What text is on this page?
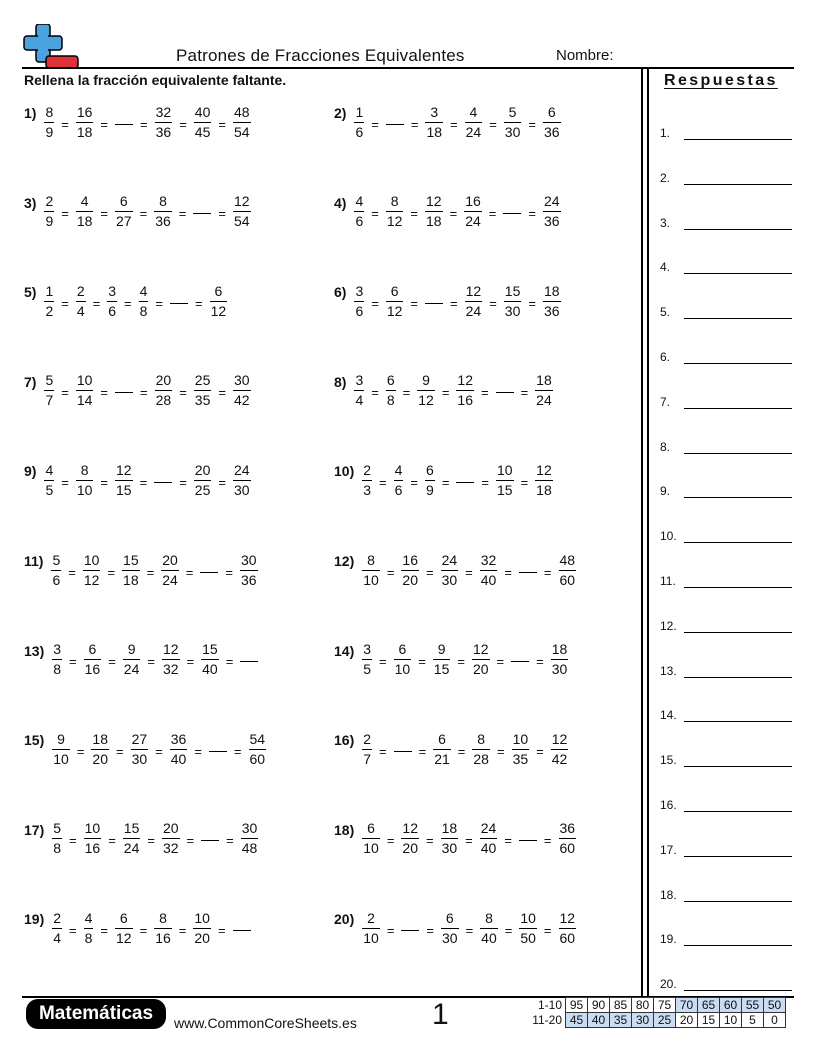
Patrones de Fracciones Equivalentes	Nombre:
Rellena la fracción equivalente faltante.	Respuestas
1.
2.
3.
4.
5.
6.
7.
8.
9.
10.
11.
12.
13.
14.
15.
16.
17.
18.
19.
20.
$1) \frac{8}{9} = \frac{16}{18}$ = = $\frac{32}{36} = \frac{40}{45} = \frac{48}{54}$	$2) \frac{1}{6}$ = = $\frac{3}{18} = \frac{4}{24} = \frac{5}{30} = \frac{6}{36}$
$3) \frac{2}{9} = \frac{4}{18} = \frac{6}{27} = \frac{8}{36}$ = = $\frac{12}{54}$	$4) \frac{4}{6} = \frac{8}{12} = \frac{12}{18} = \frac{16}{24}$ = = $\frac{24}{36}$
$5) \frac{1}{2} = \frac{2}{4} = \frac{3}{6} = \frac{4}{8}$ = = $\frac{6}{12}$	$6) \frac{3}{6} = \frac{6}{12}$ = = $\frac{12}{24} = \frac{15}{30} = \frac{18}{36}$
$7) \frac{5}{7} = \frac{10}{14}$ = = $\frac{20}{28} = \frac{25}{35} = \frac{30}{42}$	$8) \frac{3}{4} = \frac{6}{8} = \frac{9}{12} = \frac{12}{16}$ = = $\frac{18}{24}$
$9) \frac{4}{5} = \frac{8}{10} = \frac{12}{15}$ = = $\frac{20}{25} = \frac{24}{30}$	$10) \frac{2}{3} = \frac{4}{6} = \frac{6}{9}$ = = $\frac{10}{15} = \frac{12}{18}$
$11) \frac{5}{6} = \frac{10}{12} = \frac{15}{18} = \frac{20}{24}$ = = $\frac{30}{36}$	$12) \frac{8}{10} = \frac{16}{20} = \frac{24}{30} = \frac{32}{40}$ = = $\frac{48}{60}$
$13) \frac{3}{8} = \frac{6}{16} = \frac{9}{24} = \frac{12}{32} = \frac{15}{40}$ =
$14) \frac{3}{5} = \frac{6}{10} = \frac{9}{15} = \frac{12}{20}$ = = $\frac{18}{30}$
$15) \frac{9}{10} = \frac{18}{20} = \frac{27}{30} = \frac{36}{40}$ = = $\frac{54}{60}$	$16) \frac{2}{7}$ = = $\frac{6}{21} = \frac{8}{28} = \frac{10}{35} = \frac{12}{42}$
$17) \frac{5}{8} = \frac{10}{16} = \frac{15}{24} = \frac{20}{32}$ = = $\frac{30}{48}$	$18) \frac{6}{10} = \frac{12}{20} = \frac{18}{30} = \frac{24}{40}$ = = $\frac{36}{60}$
$19) \frac{2}{4} = \frac{4}{8} = \frac{6}{12} = \frac{8}{16} = \frac{10}{20}$ =
$20) \frac{2}{10}$ = = $\frac{6}{30} = \frac{8}{40} = \frac{10}{50} = \frac{12}{60}$
Matemáticas	www.CommonCoreSheets.es	1	1-10	95	90	85	80	75	70	65	60	55	50
11-20	45	40	35	30	25	20	15	10	5	0
